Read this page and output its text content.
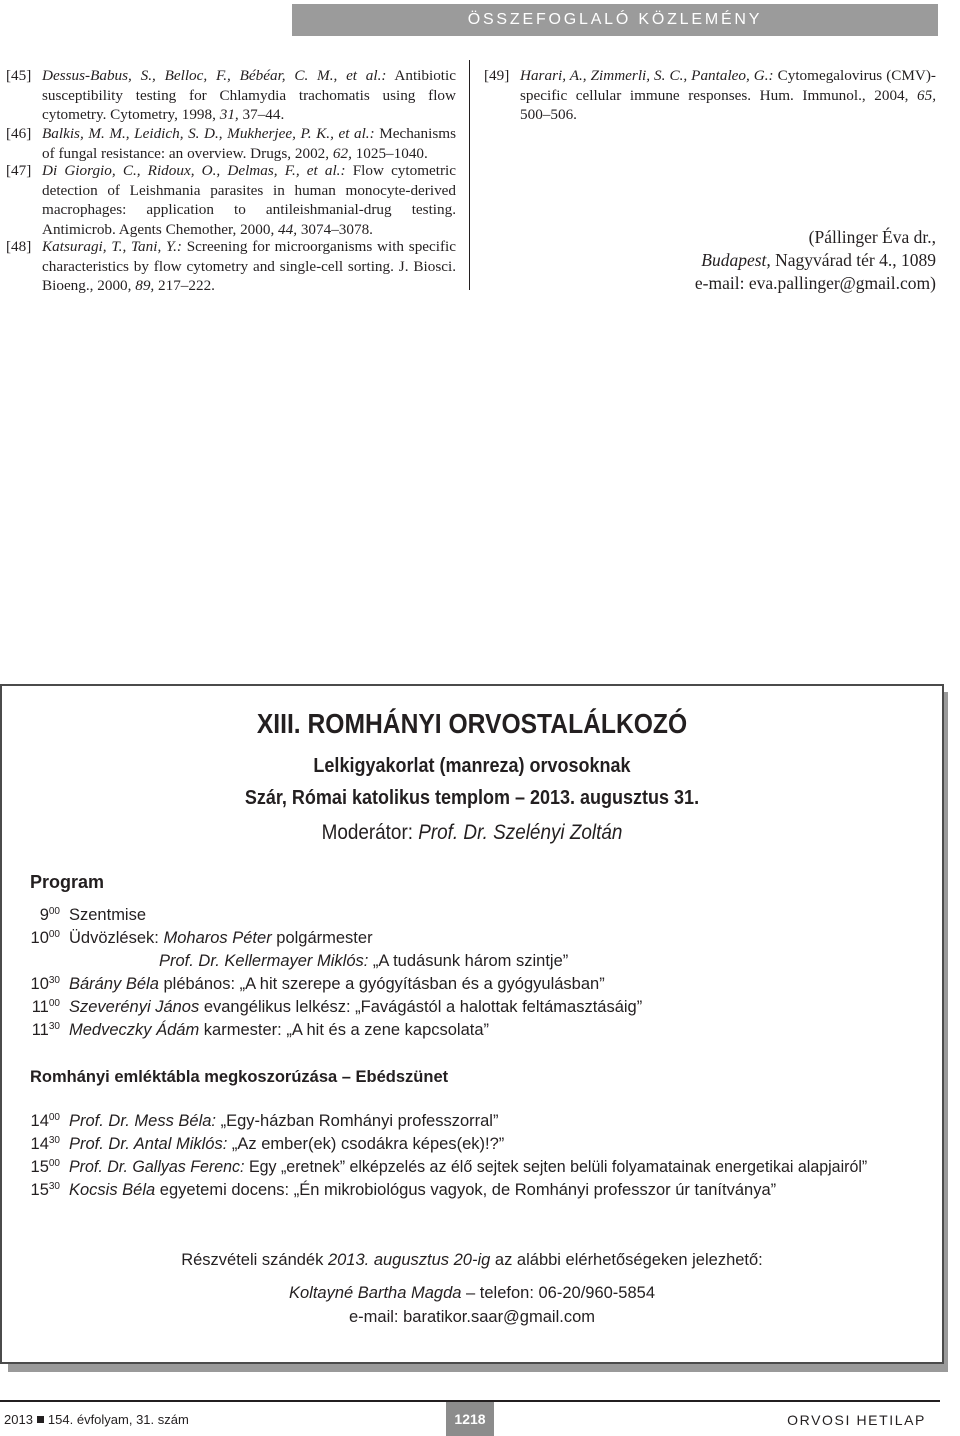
ÖSSZEFOGLALÓ KÖZLEMÉNY
[45] Dessus-Babus, S., Belloc, F., Bébéar, C. M., et al.: Antibiotic susceptibility testing for Chlamydia trachomatis using flow cytometry. Cytometry, 1998, 31, 37–44.
[46] Balkis, M. M., Leidich, S. D., Mukherjee, P. K., et al.: Mechanisms of fungal resistance: an overview. Drugs, 2002, 62, 1025–1040.
[47] Di Giorgio, C., Ridoux, O., Delmas, F., et al.: Flow cytometric detection of Leishmania parasites in human monocyte-derived macrophages: application to antileishmanial-drug testing. Antimicrob. Agents Chemother, 2000, 44, 3074–3078.
[48] Katsuragi, T., Tani, Y.: Screening for microorganisms with specific characteristics by flow cytometry and single-cell sorting. J. Biosci. Bioeng., 2000, 89, 217–222.
[49] Harari, A., Zimmerli, S. C., Pantaleo, G.: Cytomegalovirus (CMV)-specific cellular immune responses. Hum. Immunol., 2004, 65, 500–506.
(Pállinger Éva dr.,
Budapest, Nagyvárad tér 4., 1089
e-mail: eva.pallinger@gmail.com)
XIII. ROMHÁNYI ORVOSTALÁLKOZÓ
Lelkigyakorlat (manreza) orvosoknak
Szár, Római katolikus templom – 2013. augusztus 31.
Moderátor: Prof. Dr. Szelényi Zoltán
Program
$9^{00}$ Szentmise
$10^{00}$ Üdvözlések: Moharos Péter polgármester
Prof. Dr. Kellermayer Miklós: „A tudásunk három szintje”
$10^{30}$ Bárány Béla plébános: „A hit szerepe a gyógyításban és a gyógyulásban”
$11^{00}$ Szeverényi János evangélikus lelkész: „Favágástól a halottak feltámasztásáig”
$11^{30}$ Medveczky Ádám karmester: „A hit és a zene kapcsolata”
Romhányi emléktábla megkoszorúzása – Ebédszünet
$14^{00}$ Prof. Dr. Mess Béla: „Egy-házban Romhányi professzorral”
$14^{30}$ Prof. Dr. Antal Miklós: „Az ember(ek) csodákra képes(ek)!?”
$15^{00}$ Prof. Dr. Gallyas Ferenc: Egy „eretnek” elképzelés az élő sejtek sejten belüli folyamatainak energetikai alapjairól”
$15^{30}$ Kocsis Béla egyetemi docens: „Én mikrobiológus vagyok, de Romhányi professzor úr tanítványa”
Részvételi szándék 2013. augusztus 20-ig az alábbi elérhetőségeken jelezhető:
Koltayné Bartha Magda – telefon: 06-20/960-5854
e-mail: baratikor.saar@gmail.com
2013 154. évfolyam, 31. szám	1218	ORVOSI HETILAP
